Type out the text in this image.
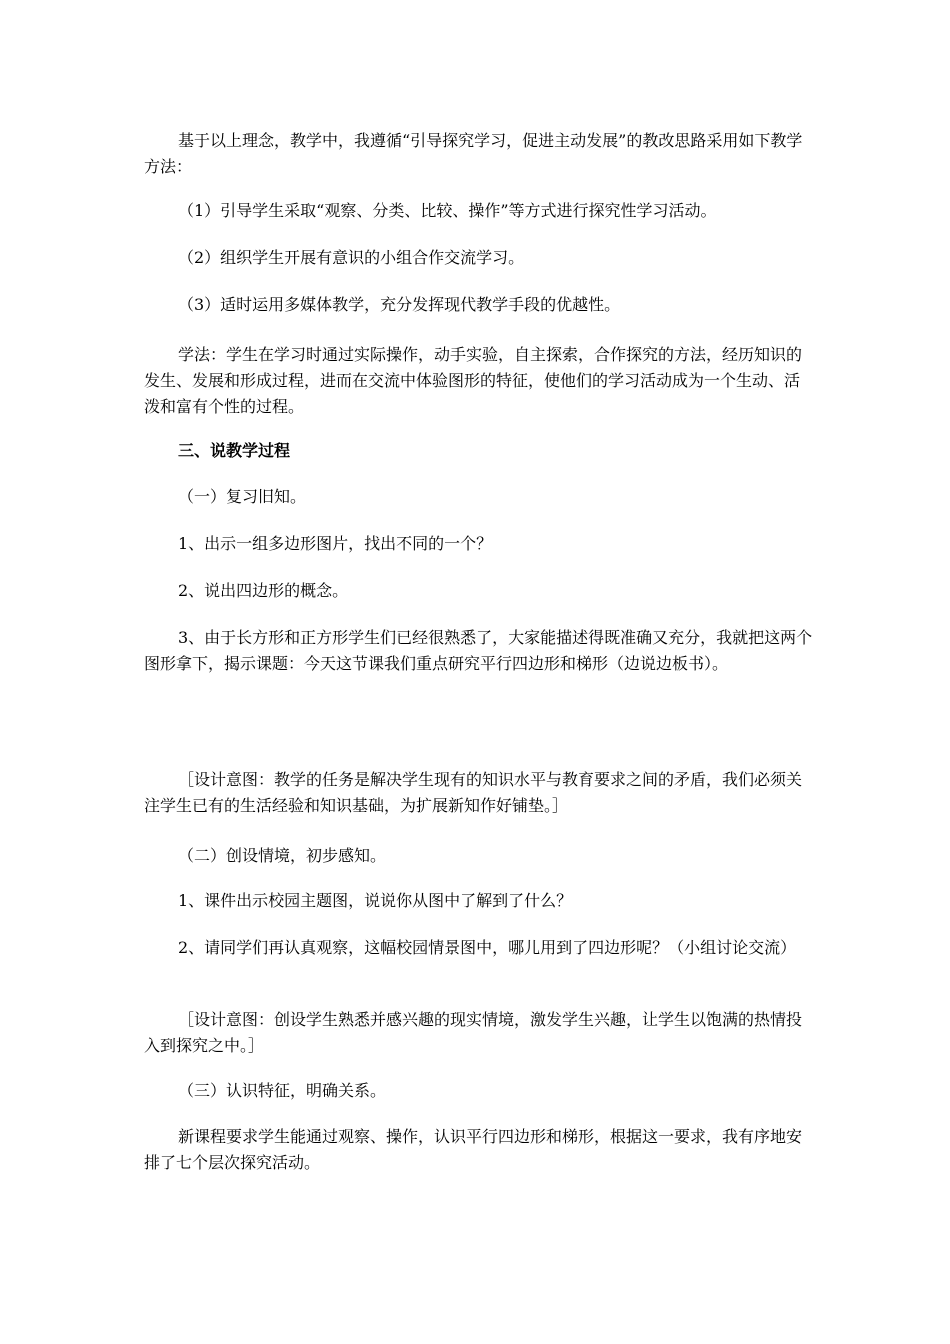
基于以上理念，教学中，我遵循“引导探究学习，促进主动发展”的教改思路采用如下教学方法：

（1）引导学生采取“观察、分类、比较、操作”等方式进行探究性学习活动。

（2）组织学生开展有意识的小组合作交流学习。

（3）适时运用多媒体教学，充分发挥现代教学手段的优越性。

学法：学生在学习时通过实际操作，动手实验，自主探索，合作探究的方法，经历知识的发生、发展和形成过程，进而在交流中体验图形的特征，使他们的学习活动成为一个生动、活泼和富有个性的过程。

三、说教学过程

（一）复习旧知。

1、出示一组多边形图片，找出不同的一个？

2、说出四边形的概念。

3、由于长方形和正方形学生们已经很熟悉了，大家能描述得既准确又充分，我就把这两个图形拿下，揭示课题：今天这节课我们重点研究平行四边形和梯形（边说边板书）。

［设计意图：教学的任务是解决学生现有的知识水平与教育要求之间的矛盾，我们必须关注学生已有的生活经验和知识基础，为扩展新知作好铺垫。］

（二）创设情境，初步感知。

1、课件出示校园主题图，说说你从图中了解到了什么？

2、请同学们再认真观察，这幅校园情景图中，哪儿用到了四边形呢？（小组讨论交流）

［设计意图：创设学生熟悉并感兴趣的现实情境，激发学生兴趣，让学生以饱满的热情投入到探究之中。］

（三）认识特征，明确关系。

新课程要求学生能通过观察、操作，认识平行四边形和梯形，根据这一要求，我有序地安排了七个层次探究活动。
